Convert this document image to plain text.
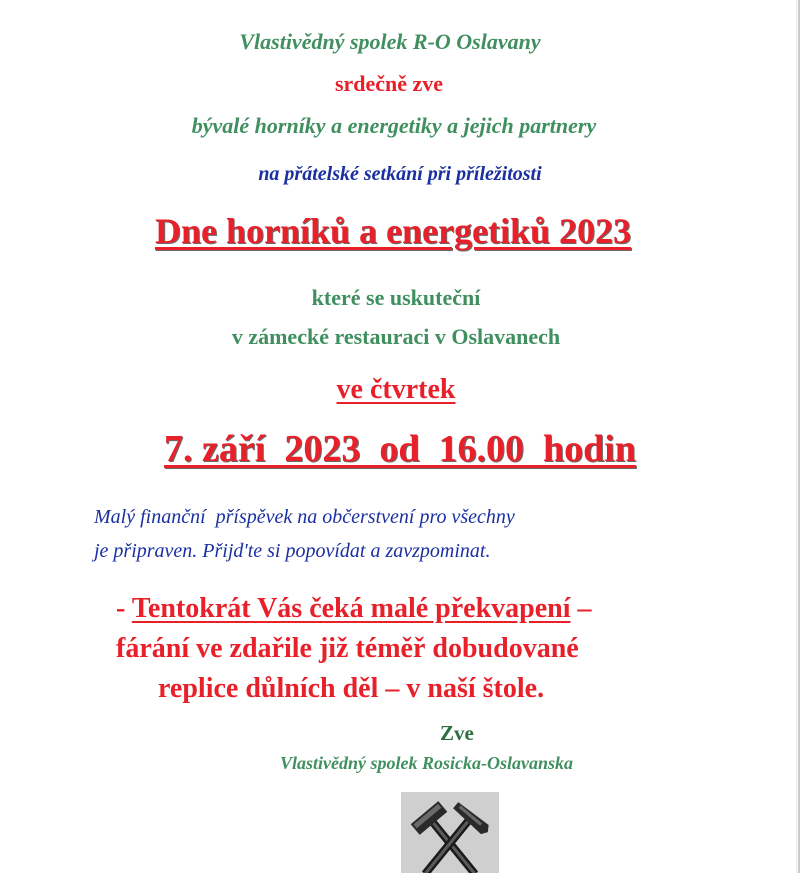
Vlastivědný spolek R-O Oslavany
srdečně zve
bývalé horníky a energetiky a jejich partnery
na přátelské setkání při příležitosti
Dne horníků a energetiků 2023
které se uskuteční
v zámecké restauraci v Oslavanech
ve čtvrtek
7. září  2023  od  16.00  hodin
Malý finanční  příspěvek na občerstvení pro všechny
je připraven. Přijd'te si popovídat a zavzpominat.
- Tentokrát Vás čeká malé překvapení –
fárání ve zdařile již téměř dobudované
replice důlních děl – v naší štole.
Zve
Vlastivědný spolek Rosicka-Oslavanska
